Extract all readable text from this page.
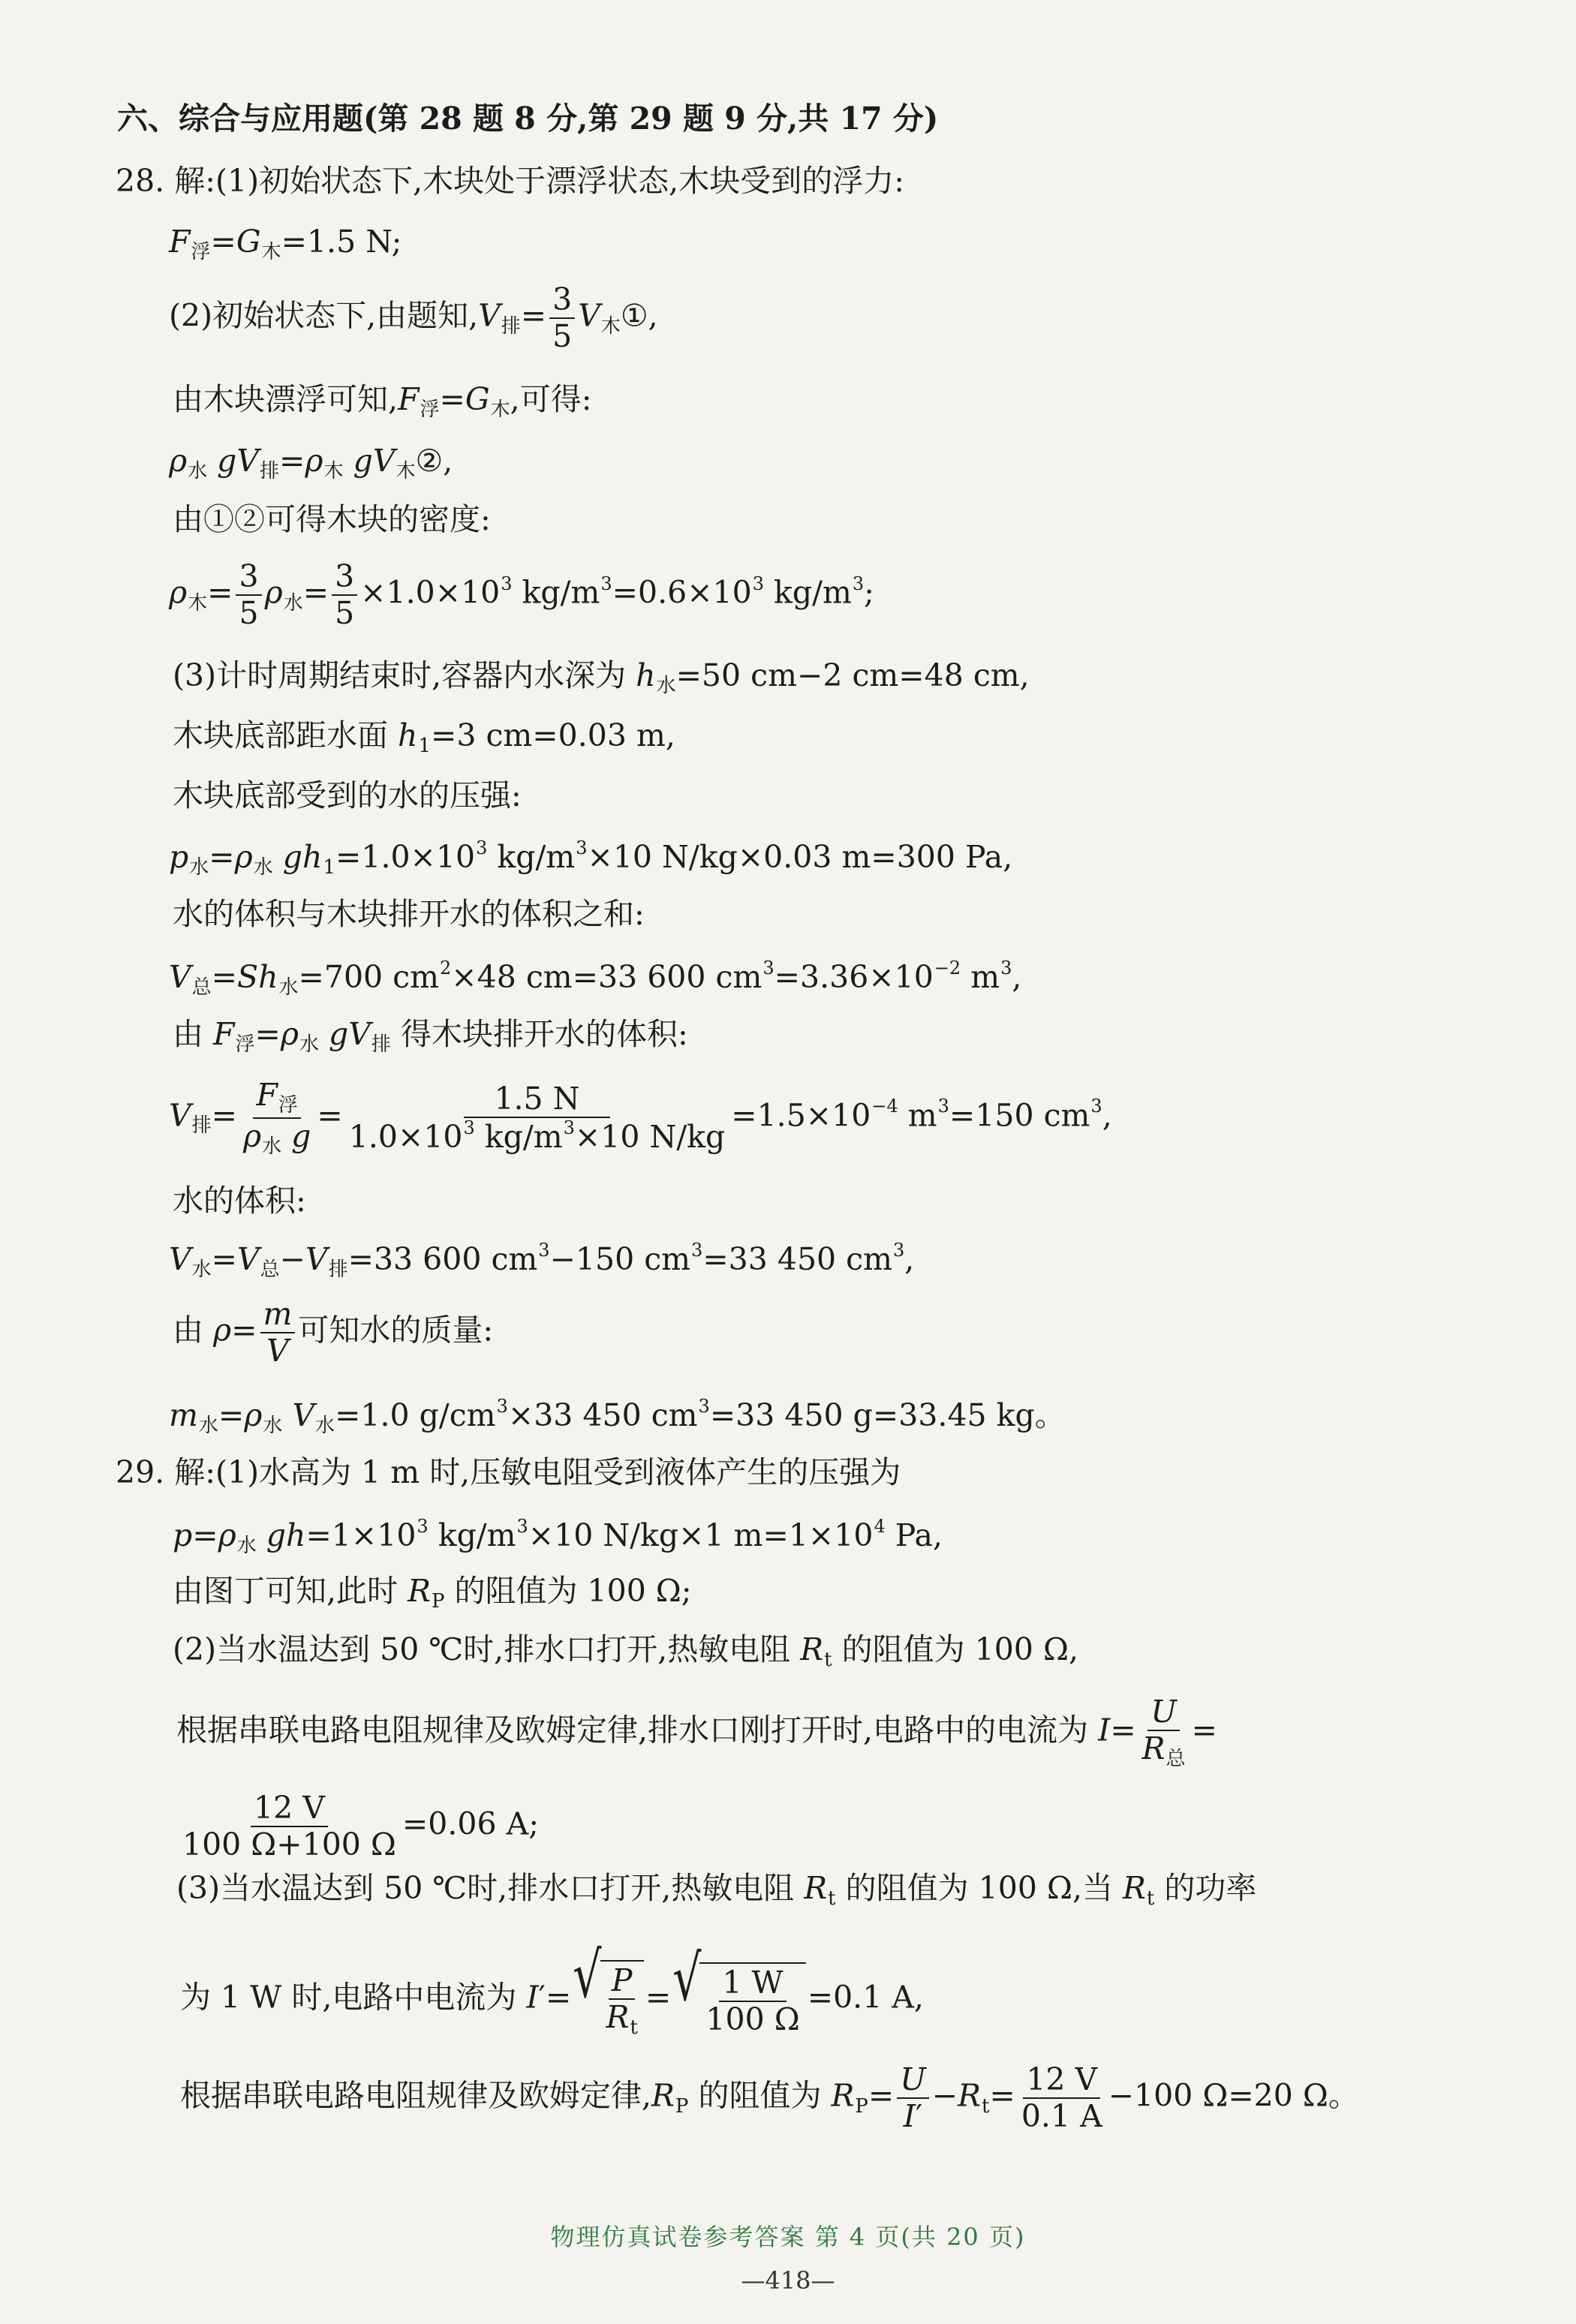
六、综合与应用题(第 28 题 8 分,第 29 题 9 分,共 17 分)
28. 解:(1)初始状态下,木块处于漂浮状态,木块受到的浮力:
$F_浮=G_木=1.5$ N;
(2)初始状态下,由题知$,V_排= \frac{3}{5}$ $V_木①$,
由木块漂浮可知$,F_浮=G_木$,可得:
$\rho_水$ $gV_排=\rho_木$ $gV_木②$,
由①②可得木块的密度:
$\rho_木= \frac{3}{5} \rho_水= \frac{3}{5} \times 1.0\times 10^3$ $kg/m^3=0.6\times 10^3$ $kg/m^3$;
(3)计时周期结束时,容器内水深为 $h_水=50$ cm−2 cm=48 cm,
木块底部距水面 $h_1=3$ cm=0.03 m,
木块底部受到的水的压强:
$p_水=\rho_水$ $gh_1=1.0\times 10^3$ $kg/m^3\times 10$ N/kg×0.03 m=300 Pa,
水的体积与木块排开水的体积之和:
$V_总=Sh_水=700$ $cm^2\times 48$ cm=33 600 $cm^3=3.36\times 10^{-2}$ $m^3$,
由 $F_浮=\rho_水$ $gV_排$ 得木块排开水的体积:
$V_排= \frac{F_浮}{\rho_水 g} = \frac{1.5 N}{1.0\times 10^3 kg/m^3\times 10 N/kg} =1.5\times 10^{-4}$ $m^3=150$ $cm^3$,
水的体积:
$V_水=V_总-V_排=33$ 600 $cm^3-150$ $cm^3=33$ 450 $cm^3$,
由 $\rho= \frac{m}{V}$ 可知水的质量:
$m_水=\rho_水$ $V_水=1.0$ $g/cm^3\times 33$ 450 $cm^3=33$ 450 g=33.45 kg。
29. 解:(1)水高为 1 m 时,压敏电阻受到液体产生的压强为
$p=\rho_水$ $gh=1\times 10^3$ $kg/m^3\times 10$ N/kg×1 $m=1\times 10^4$ Pa,
由图丁可知,此时 $R_P$ 的阻值为 100 Ω;
(2)当水温达到 50 ℃时,排水口打开,热敏电阻 $R_t$ 的阻值为 100 Ω,
根据串联电路电阻规律及欧姆定律,排水口刚打开时,电路中的电流为 $I= \frac{U}{R_总}$ =
$\frac{12 V}{100 \Omega+100 \Omega} =0.06$ A;
(3)当水温达到 50 ℃时,排水口打开,热敏电阻 $R_t$ 的阻值为 100 Ω,当 $R_t$ 的功率
为 1 W 时,电路中电流为 I′= √ $\frac{P}{R_t}$ = √ $\frac{1 W}{100 \Omega} =0.1$ A,
根据串联电路电阻规律及欧姆定律$,R_P$ 的阻值为 $R_P= \frac{U}{I'} -R_t= \frac{12 V}{0.1 A} -100$ Ω=20 Ω。
物理仿真试卷参考答案 第 4 页(共 20 页)
—418—
